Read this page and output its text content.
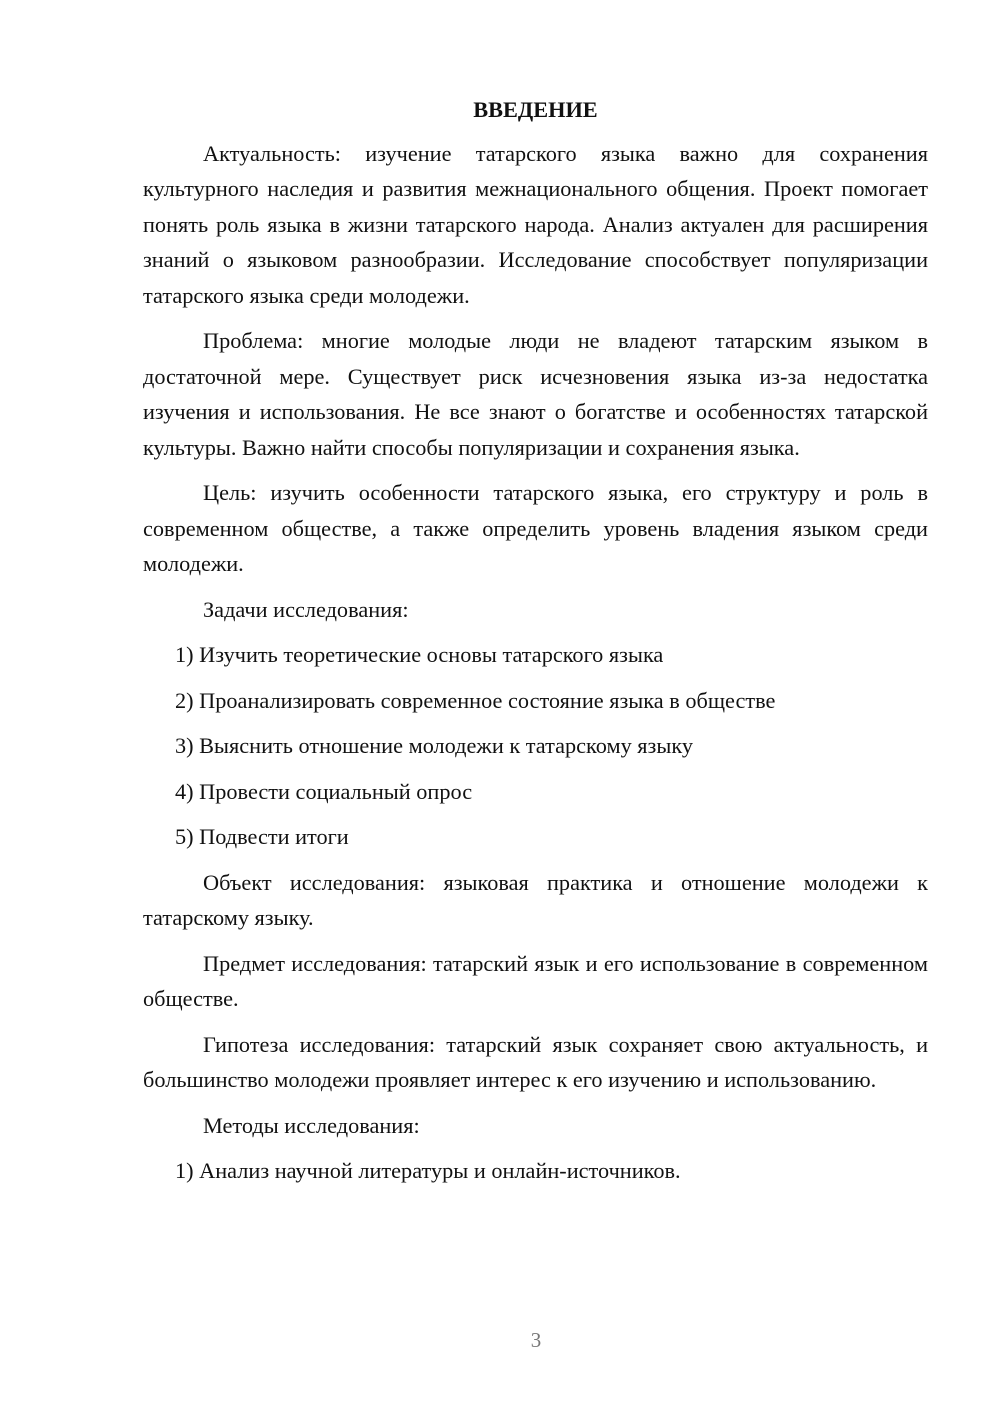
ВВЕДЕНИЕ

Актуальность: изучение татарского языка важно для сохранения культурного наследия и развития межнационального общения. Проект помогает понять роль языка в жизни татарского народа. Анализ актуален для расширения знаний о языковом разнообразии. Исследование способствует популяризации татарского языка среди молодежи.

Проблема: многие молодые люди не владеют татарским языком в достаточной мере. Существует риск исчезновения языка из-за недостатка изучения и использования. Не все знают о богатстве и особенностях татарской культуры. Важно найти способы популяризации и сохранения языка.

Цель: изучить особенности татарского языка, его структуру и роль в современном обществе, а также определить уровень владения языком среди молодежи.

Задачи исследования:

1) Изучить теоретические основы татарского языка
2) Проанализировать современное состояние языка в обществе
3) Выяснить отношение молодежи к татарскому языку
4) Провести социальный опрос
5) Подвести итоги

Объект исследования: языковая практика и отношение молодежи к татарскому языку.

Предмет исследования: татарский язык и его использование в современном обществе.

Гипотеза исследования: татарский язык сохраняет свою актуальность, и большинство молодежи проявляет интерес к его изучению и использованию.

Методы исследования:

1) Анализ научной литературы и онлайн-источников.
3
